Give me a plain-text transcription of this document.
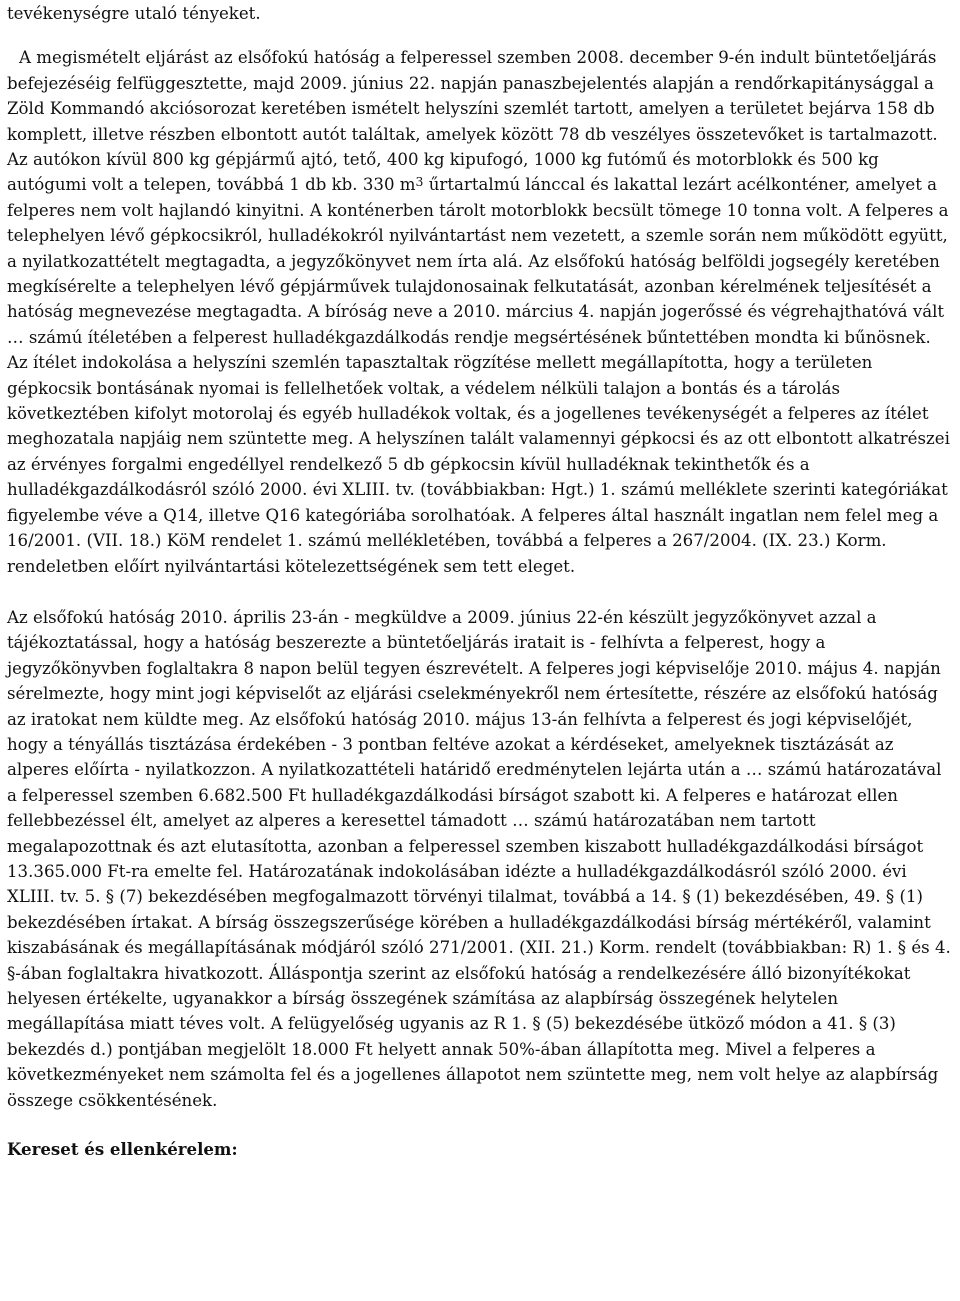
tevékenységre utaló tényeket.

A megismételt eljárást az elsőfokú hatóság a felperessel szemben 2008. december 9-én indult büntetőeljárás befejezéséig felfüggesztette, majd 2009. június 22. napján panaszbejelentés alapján a rendőrkapitánysággal a Zöld Kommandó akciósorozat keretében ismételt helyszíni szemlét tartott, amelyen a területet bejárva 158 db komplett, illetve részben elbontott autót találtak, amelyek között 78 db veszélyes összetevőket is tartalmazott. Az autókon kívül 800 kg gépjármű ajtó, tető, 400 kg kipufogó, 1000 kg futómű és motorblokk és 500 kg autógumi volt a telepen, továbbá 1 db kb. 330 $m^3$ űrtartalmú lánccal és lakattal lezárt acélkonténer, amelyet a felperes nem volt hajlandó kinyitni. A konténerben tárolt motorblokk becsült tömege 10 tonna volt. A felperes a telephelyen lévő gépkocsikról, hulladékokról nyilvántartást nem vezetett, a szemle során nem működött együtt, a nyilatkozattételt megtagadta, a jegyzőkönyvet nem írta alá. Az elsőfokú hatóság belföldi jogsegély keretében megkísérelte a telephelyen lévő gépjárművek tulajdonosainak felkutatását, azonban kérelmének teljesítését a hatóság megnevezése megtagadta. A bíróság neve a 2010. március 4. napján jogerőssé és végrehajthatóvá vált … számú ítéletében a felperest hulladékgazdálkodás rendje megsértésének bűntettében mondta ki bűnösnek. Az ítélet indokolása a helyszíni szemlén tapasztaltak rögzítése mellett megállapította, hogy a területen gépkocsik bontásának nyomai is fellelhetőek voltak, a védelem nélküli talajon a bontás és a tárolás következtében kifolyt motorolaj és egyéb hulladékok voltak, és a jogellenes tevékenységét a felperes az ítélet meghozatala napjáig nem szüntette meg. A helyszínen talált valamennyi gépkocsi és az ott elbontott alkatrészei az érvényes forgalmi engedéllyel rendelkező 5 db gépkocsin kívül hulladéknak tekinthetők és a hulladékgazdálkodásról szóló 2000. évi XLIII. tv. (továbbiakban: Hgt.) 1. számú melléklete szerinti kategóriákat figyelembe véve a Q14, illetve Q16 kategóriába sorolhatóak. A felperes által használt ingatlan nem felel meg a 16/2001. (VII. 18.) KöM rendelet 1. számú mellékletében, továbbá a felperes a 267/2004. (IX. 23.) Korm. rendeletben előírt nyilvántartási kötelezettségének sem tett eleget.

Az elsőfokú hatóság 2010. április 23-án - megküldve a 2009. június 22-én készült jegyzőkönyvet azzal a tájékoztatással, hogy a hatóság beszerezte a büntetőeljárás iratait is - felhívta a felperest, hogy a jegyzőkönyvben foglaltakra 8 napon belül tegyen észrevételt. A felperes jogi képviselője 2010. május 4. napján sérelmezte, hogy mint jogi képviselőt az eljárási cselekményekről nem értesítette, részére az elsőfokú hatóság az iratokat nem küldte meg. Az elsőfokú hatóság 2010. május 13-án felhívta a felperest és jogi képviselőjét, hogy a tényállás tisztázása érdekében - 3 pontban feltéve azokat a kérdéseket, amelyeknek tisztázását az alperes előírta - nyilatkozzon. A nyilatkozattételi határidő eredménytelen lejárta után a … számú határozatával a felperessel szemben 6.682.500 Ft hulladékgazdálkodási bírságot szabott ki. A felperes e határozat ellen fellebbezéssel élt, amelyet az alperes a keresettel támadott … számú határozatában nem tartott megalapozottnak és azt elutasította, azonban a felperessel szemben kiszabott hulladékgazdálkodási bírságot 13.365.000 Ft-ra emelte fel. Határozatának indokolásában idézte a hulladékgazdálkodásról szóló 2000. évi XLIII. tv. 5. § (7) bekezdésében megfogalmazott törvényi tilalmat, továbbá a 14. § (1) bekezdésében, 49. § (1) bekezdésében írtakat. A bírság összegszerűsége körében a hulladékgazdálkodási bírság mértékéről, valamint kiszabásának és megállapításának módjáról szóló 271/2001. (XII. 21.) Korm. rendelt (továbbiakban: R) 1. § és 4. §-ában foglaltakra hivatkozott. Álláspontja szerint az elsőfokú hatóság a rendelkezésére álló bizonyítékokat helyesen értékelte, ugyanakkor a bírság összegének számítása az alapbírság összegének helytelen megállapítása miatt téves volt. A felügyelőség ugyanis az R 1. § (5) bekezdésébe ütköző módon a 41. § (3) bekezdés d.) pontjában megjelölt 18.000 Ft helyett annak 50%-ában állapította meg. Mivel a felperes a következményeket nem számolta fel és a jogellenes állapotot nem szüntette meg, nem volt helye az alapbírság összege csökkentésének.

Kereset és ellenkérelem:
